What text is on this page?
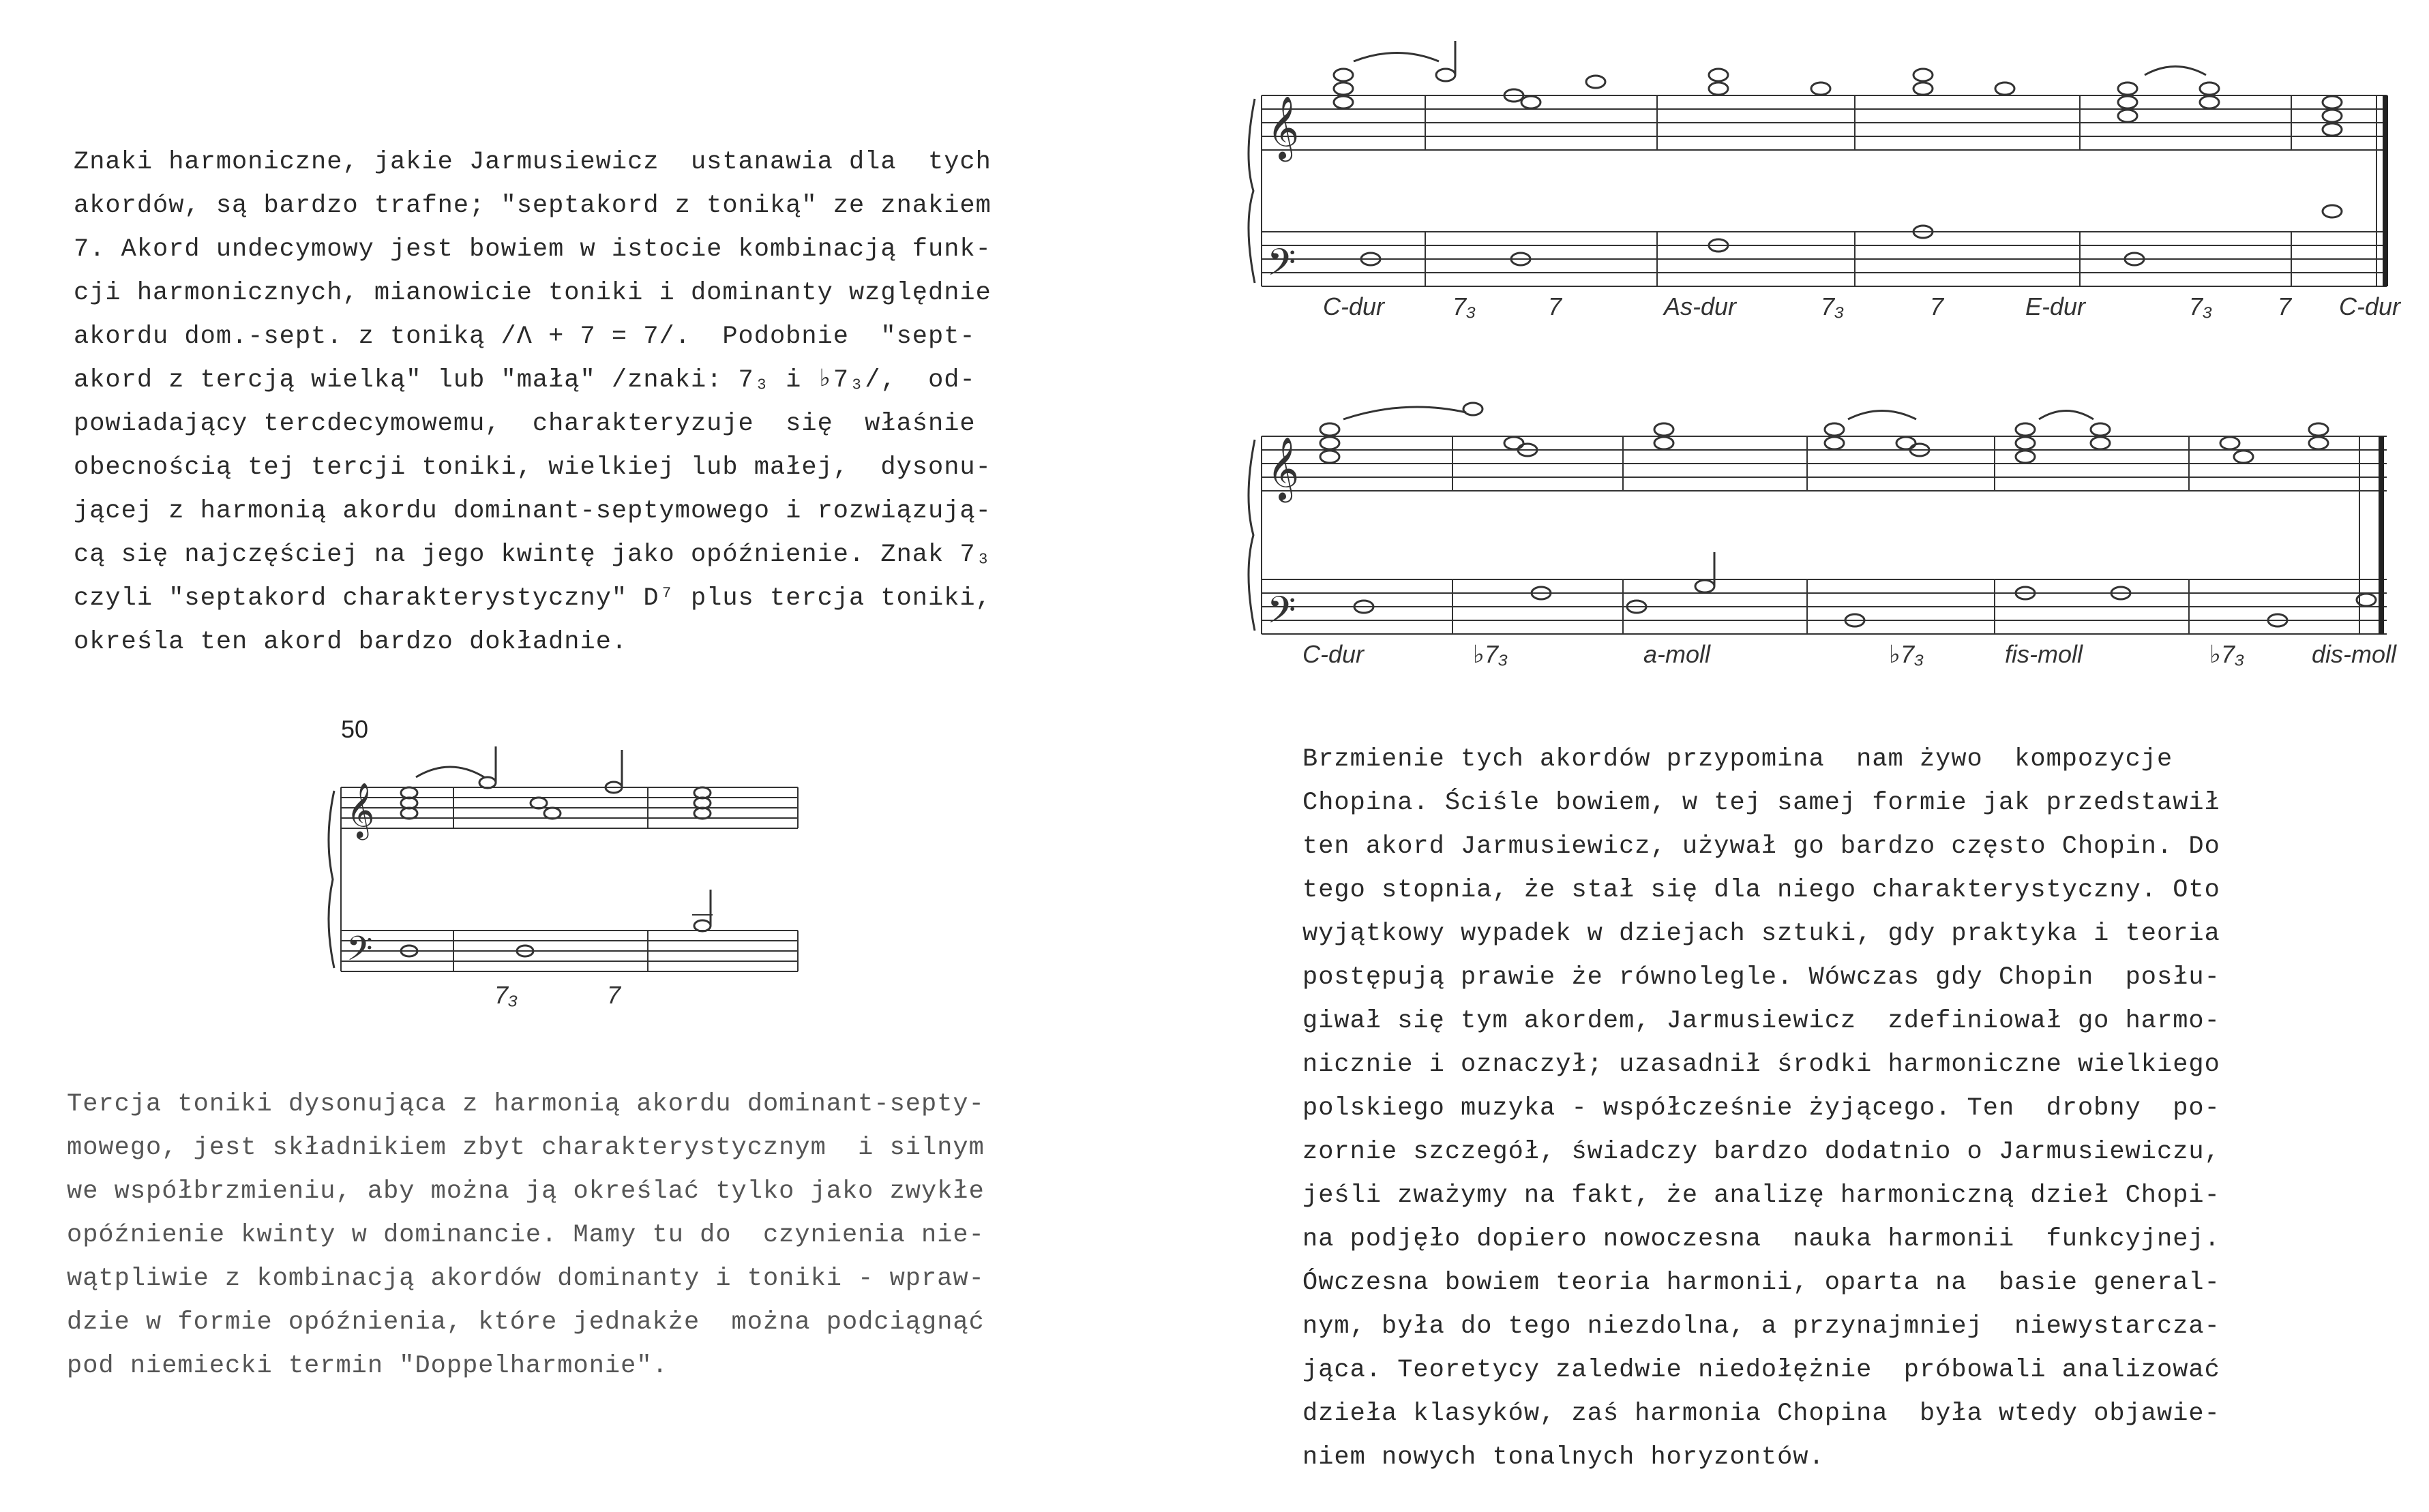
Znaki harmoniczne, jakie Jarmusiewicz  ustanawia dla  tych
akordów, są bardzo trafne; "septakord z toniką" ze znakiem
7. Akord undecymowy jest bowiem w istocie kombinacją funk-
cji harmonicznych, mianowicie toniki i dominanty względnie
akordu dom.-sept. z toniką /Λ + 7 = 7/.  Podobnie  "sept-
akord z tercją wielką" lub "małą" /znaki: 7₃ i ♭7₃/,  od-
powiadający tercdecymowemu,  charakteryzuje  się  właśnie
obecnością tej tercji toniki, wielkiej lub małej,  dysonu-
jącej z harmonią akordu dominant-septymowego i rozwiązują-
cą się najczęściej na jego kwintę jako opóźnienie. Znak 7₃
czyli "septakord charakterystyczny" D⁷ plus tercja toniki,
określa ten akord bardzo dokładnie.
50
𝄞
𝄢
7₃	7
Tercja toniki dysonująca z harmonią akordu dominant-septy-
mowego, jest składnikiem zbyt charakterystycznym  i silnym
we współbrzmieniu, aby można ją określać tylko jako zwykłe
opóźnienie kwinty w dominancie. Mamy tu do  czynienia nie-
wątpliwie z kombinacją akordów dominanty i toniki - wpraw-
dzie w formie opóźnienia, które jednakże  można podciągnąć
pod niemiecki termin "Doppelharmonie".
𝄞
𝄢
C-dur	7₃	7	As-dur	7₃	7	E-dur	7₃	7 C-dur
𝄞
𝄢
C-dur	♭7₃	a-moll	♭7₃	fis-moll	♭7₃	dis-moll
Brzmienie tych akordów przypomina  nam żywo  kompozycje
Chopina. Ściśle bowiem, w tej samej formie jak przedstawił
ten akord Jarmusiewicz, używał go bardzo często Chopin. Do
tego stopnia, że stał się dla niego charakterystyczny. Oto
wyjątkowy wypadek w dziejach sztuki, gdy praktyka i teoria
postępują prawie że równolegle. Wówczas gdy Chopin  posłu-
giwał się tym akordem, Jarmusiewicz  zdefiniował go harmo-
nicznie i oznaczył; uzasadnił środki harmoniczne wielkiego
polskiego muzyka - współcześnie żyjącego. Ten  drobny  po-
zornie szczegół, świadczy bardzo dodatnio o Jarmusiewiczu,
jeśli zważymy na fakt, że analizę harmoniczną dzieł Chopi-
na podjęło dopiero nowoczesna  nauka harmonii  funkcyjnej.
Ówczesna bowiem teoria harmonii, oparta na  basie general-
nym, była do tego niezdolna, a przynajmniej  niewystarcza-
jąca. Teoretycy zaledwie niedołężnie  próbowali analizować
dzieła klasyków, zaś harmonia Chopina  była wtedy objawie-
niem nowych tonalnych horyzontów.
